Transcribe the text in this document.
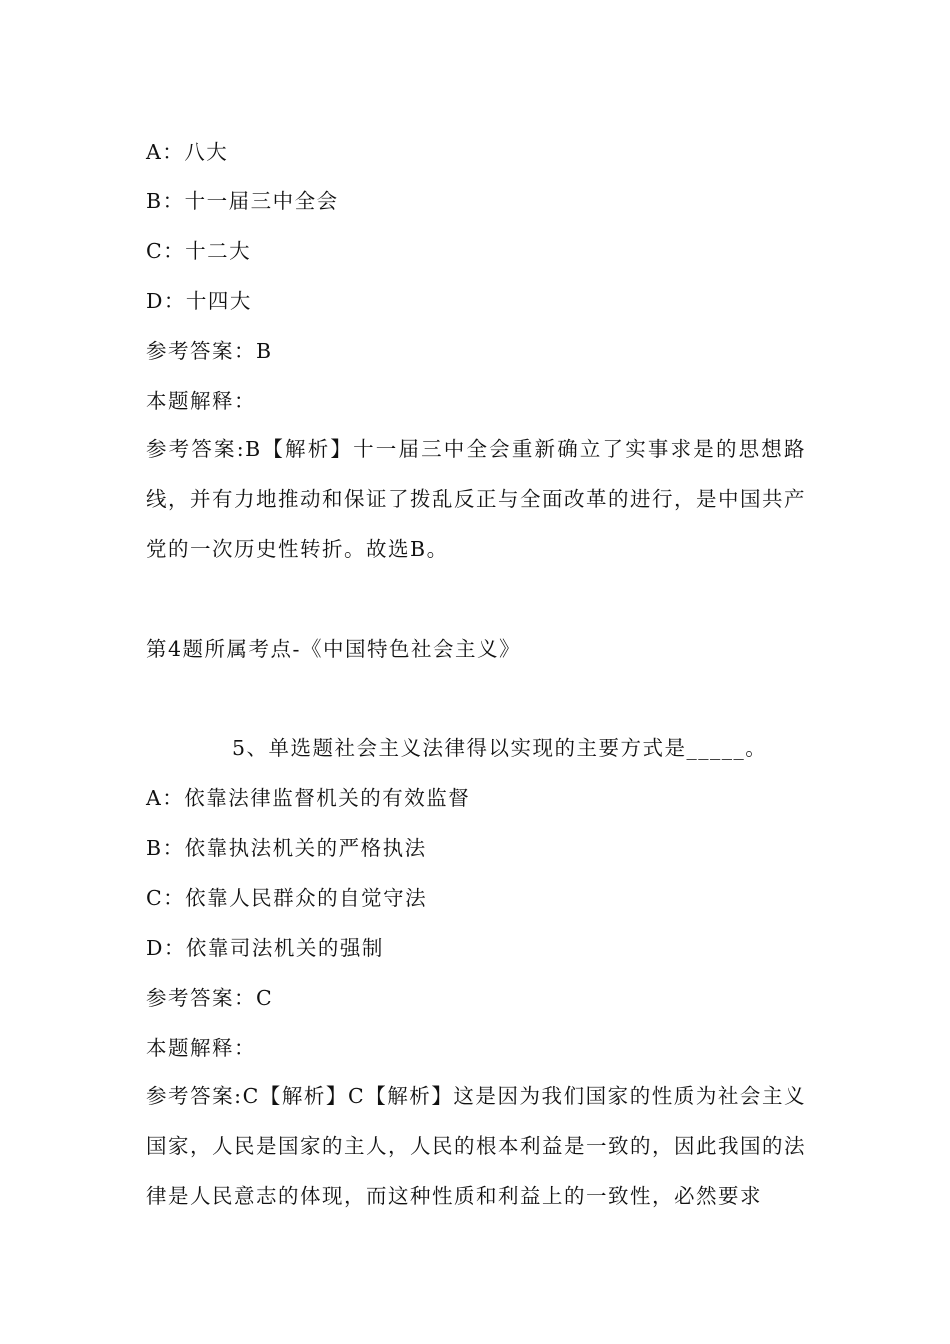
A：八大
B：十一届三中全会
C：十二大
D：十四大
参考答案：B
本题解释：
参考答案:B【解析】十一届三中全会重新确立了实事求是的思想路线，并有力地推动和保证了拨乱反正与全面改革的进行，是中国共产党的一次历史性转折。故选B。
第4题所属考点-《中国特色社会主义》
5、单选题社会主义法律得以实现的主要方式是_____。
A：依靠法律监督机关的有效监督
B：依靠执法机关的严格执法
C：依靠人民群众的自觉守法
D：依靠司法机关的强制
参考答案：C
本题解释：
参考答案:C【解析】C【解析】这是因为我们国家的性质为社会主义国家，人民是国家的主人，人民的根本利益是一致的，因此我国的法律是人民意志的体现，而这种性质和利益上的一致性，必然要求
